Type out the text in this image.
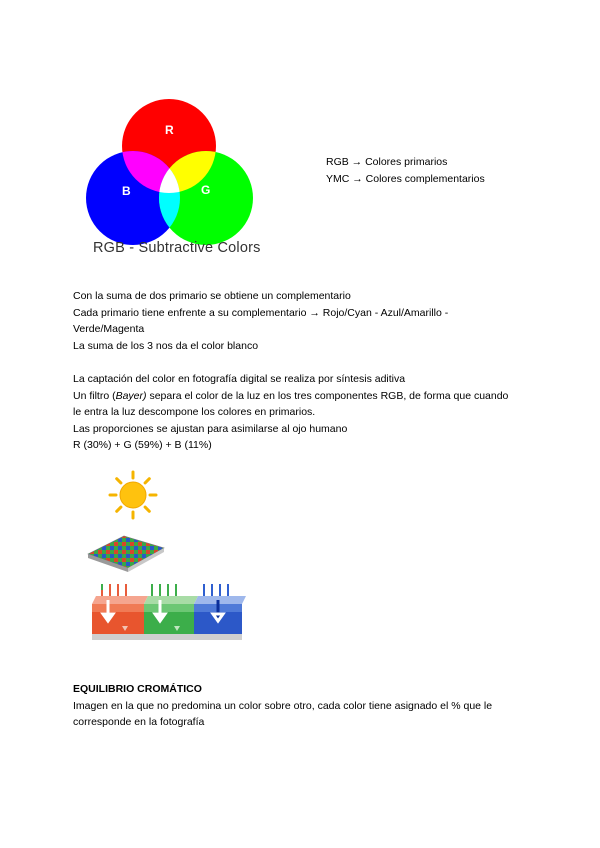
R
B	G
RGB - Subtractive Colors
RGB → Colores primarios
YMC → Colores complementarios
Con la suma de dos primario se obtiene un complementario
Cada primario tiene enfrente a su complementario → Rojo/Cyan - Azul/Amarillo -
Verde/Magenta
La suma de los 3 nos da el color blanco
La captación del color en fotografía digital se realiza por síntesis aditiva
Un filtro (Bayer) separa el color de la luz en los tres componentes RGB, de forma que cuando
le entra la luz descompone los colores en primarios.
Las proporciones se ajustan para asimilarse al ojo humano
R (30%) + G (59%) + B (11%)
EQUILIBRIO CROMÁTICO
Imagen en la que no predomina un color sobre otro, cada color tiene asignado el % que le
corresponde en la fotografía
